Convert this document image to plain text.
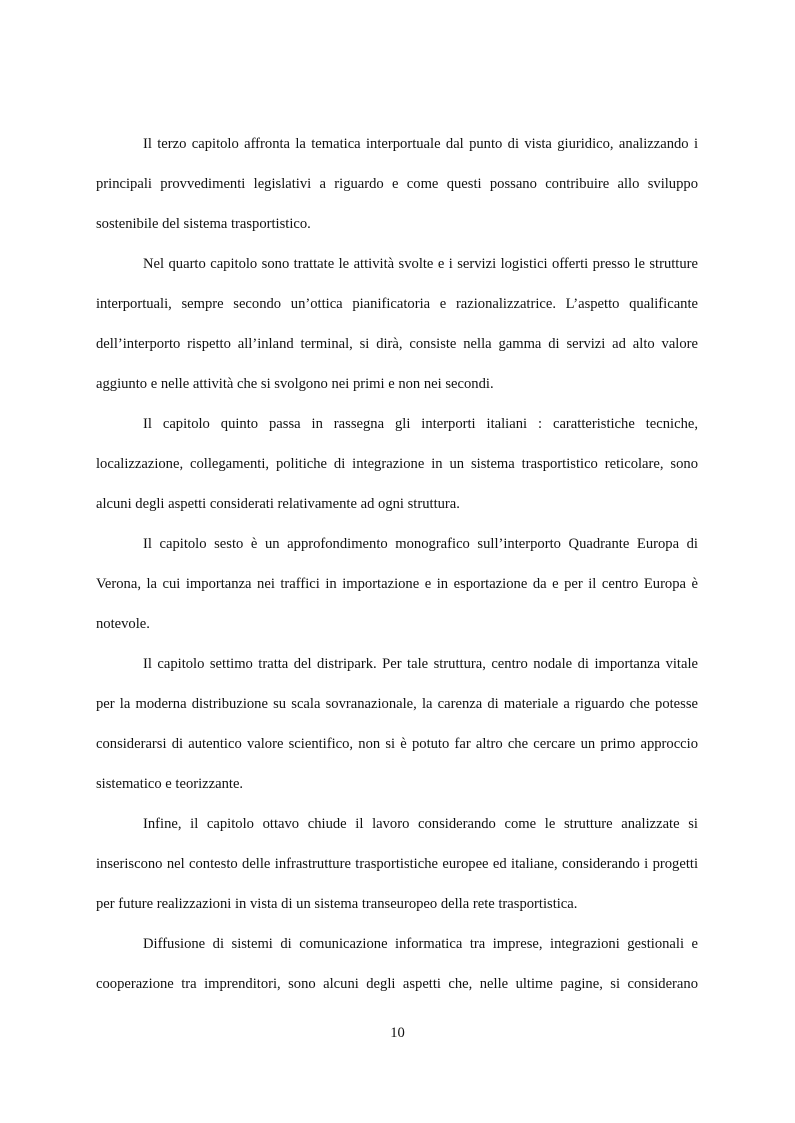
Il terzo capitolo affronta la tematica interportuale dal punto di vista giuridico, analizzando i
principali provvedimenti legislativi a riguardo e come questi possano contribuire allo sviluppo
sostenibile del sistema trasportistico.
Nel quarto capitolo sono trattate le attività svolte e i servizi logistici offerti presso le strutture
interportuali, sempre secondo un’ottica pianificatoria e razionalizzatrice. L’aspetto qualificante
dell’interporto rispetto all’inland terminal, si dirà, consiste nella gamma di servizi ad alto valore
aggiunto e nelle attività che si svolgono nei primi e non nei secondi.
Il capitolo quinto passa in rassegna gli interporti italiani : caratteristiche tecniche,
localizzazione, collegamenti, politiche di integrazione in un sistema trasportistico reticolare, sono
alcuni degli aspetti considerati relativamente ad ogni struttura.
Il capitolo sesto è un approfondimento monografico sull’interporto Quadrante Europa di
Verona, la cui importanza nei traffici in importazione e in esportazione da e per il centro Europa è
notevole.
Il capitolo settimo tratta del distripark. Per tale struttura, centro nodale di importanza vitale
per la moderna distribuzione su scala sovranazionale, la carenza di materiale a riguardo che potesse
considerarsi di autentico valore scientifico, non si è potuto far altro che cercare un primo approccio
sistematico e teorizzante.
Infine, il capitolo ottavo chiude il lavoro considerando come le strutture analizzate si
inseriscono nel contesto delle infrastrutture trasportistiche europee ed italiane, considerando i progetti
per future realizzazioni in vista di un sistema transeuropeo della rete trasportistica.
Diffusione di sistemi di comunicazione informatica tra imprese, integrazioni gestionali e
cooperazione tra imprenditori, sono alcuni degli aspetti che, nelle ultime pagine, si considerano
10
